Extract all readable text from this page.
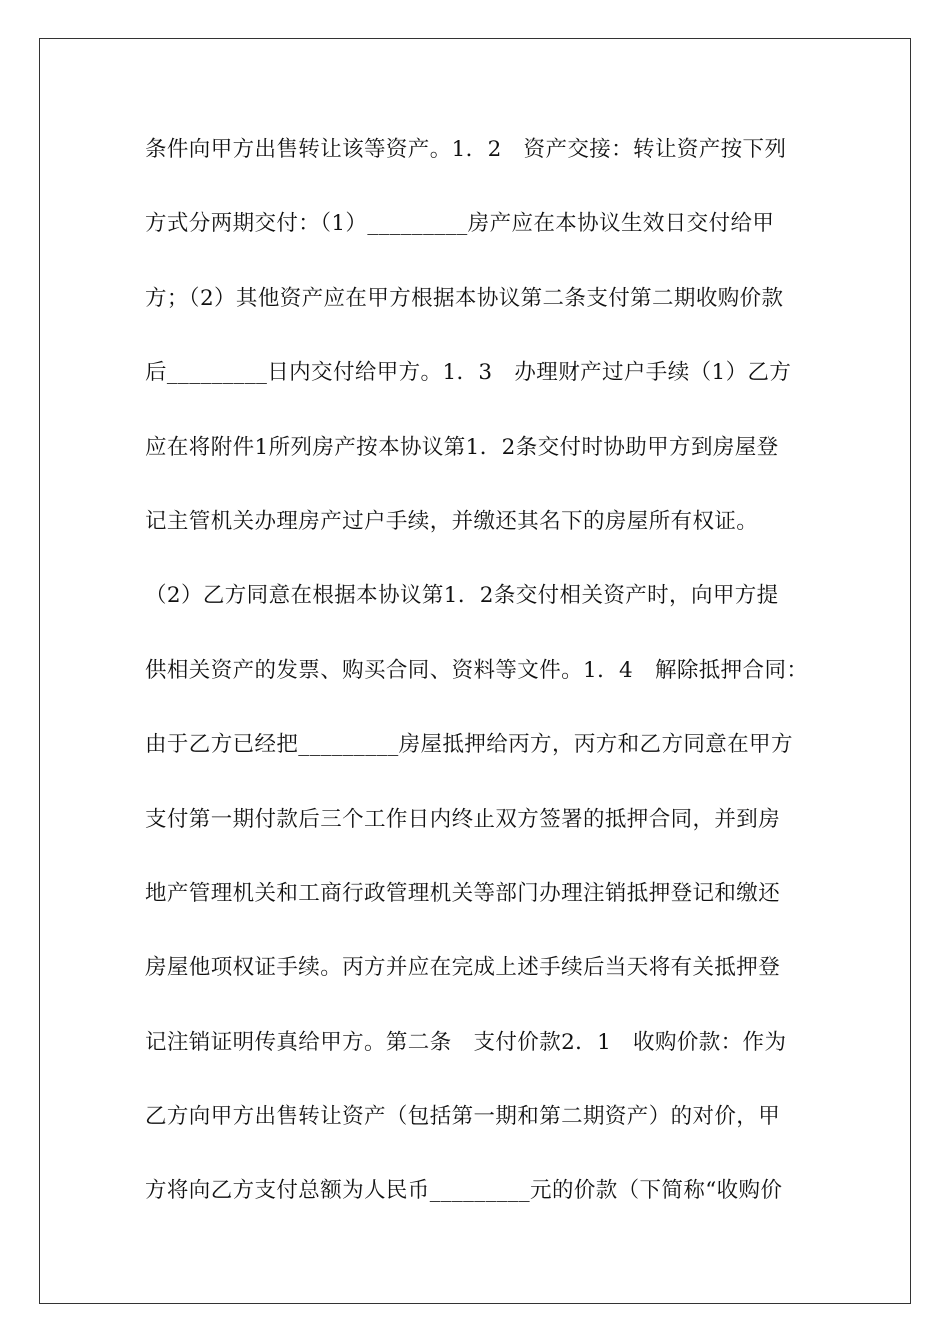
条件向甲方出售转让该等资产。1．2　资产交接：转让资产按下列
方式分两期交付：（1）_________房产应在本协议生效日交付给甲
方；（2）其他资产应在甲方根据本协议第二条支付第二期收购价款
后_________日内交付给甲方。1．3　办理财产过户手续（1）乙方
应在将附件1所列房产按本协议第1．2条交付时协助甲方到房屋登
记主管机关办理房产过户手续，并缴还其名下的房屋所有权证。
（2）乙方同意在根据本协议第1．2条交付相关资产时，向甲方提
供相关资产的发票、购买合同、资料等文件。1．4　解除抵押合同：
由于乙方已经把_________房屋抵押给丙方，丙方和乙方同意在甲方
支付第一期付款后三个工作日内终止双方签署的抵押合同，并到房
地产管理机关和工商行政管理机关等部门办理注销抵押登记和缴还
房屋他项权证手续。丙方并应在完成上述手续后当天将有关抵押登
记注销证明传真给甲方。第二条　支付价款2．1　收购价款：作为
乙方向甲方出售转让资产（包括第一期和第二期资产）的对价，甲
方将向乙方支付总额为人民币_________元的价款（下简称“收购价
